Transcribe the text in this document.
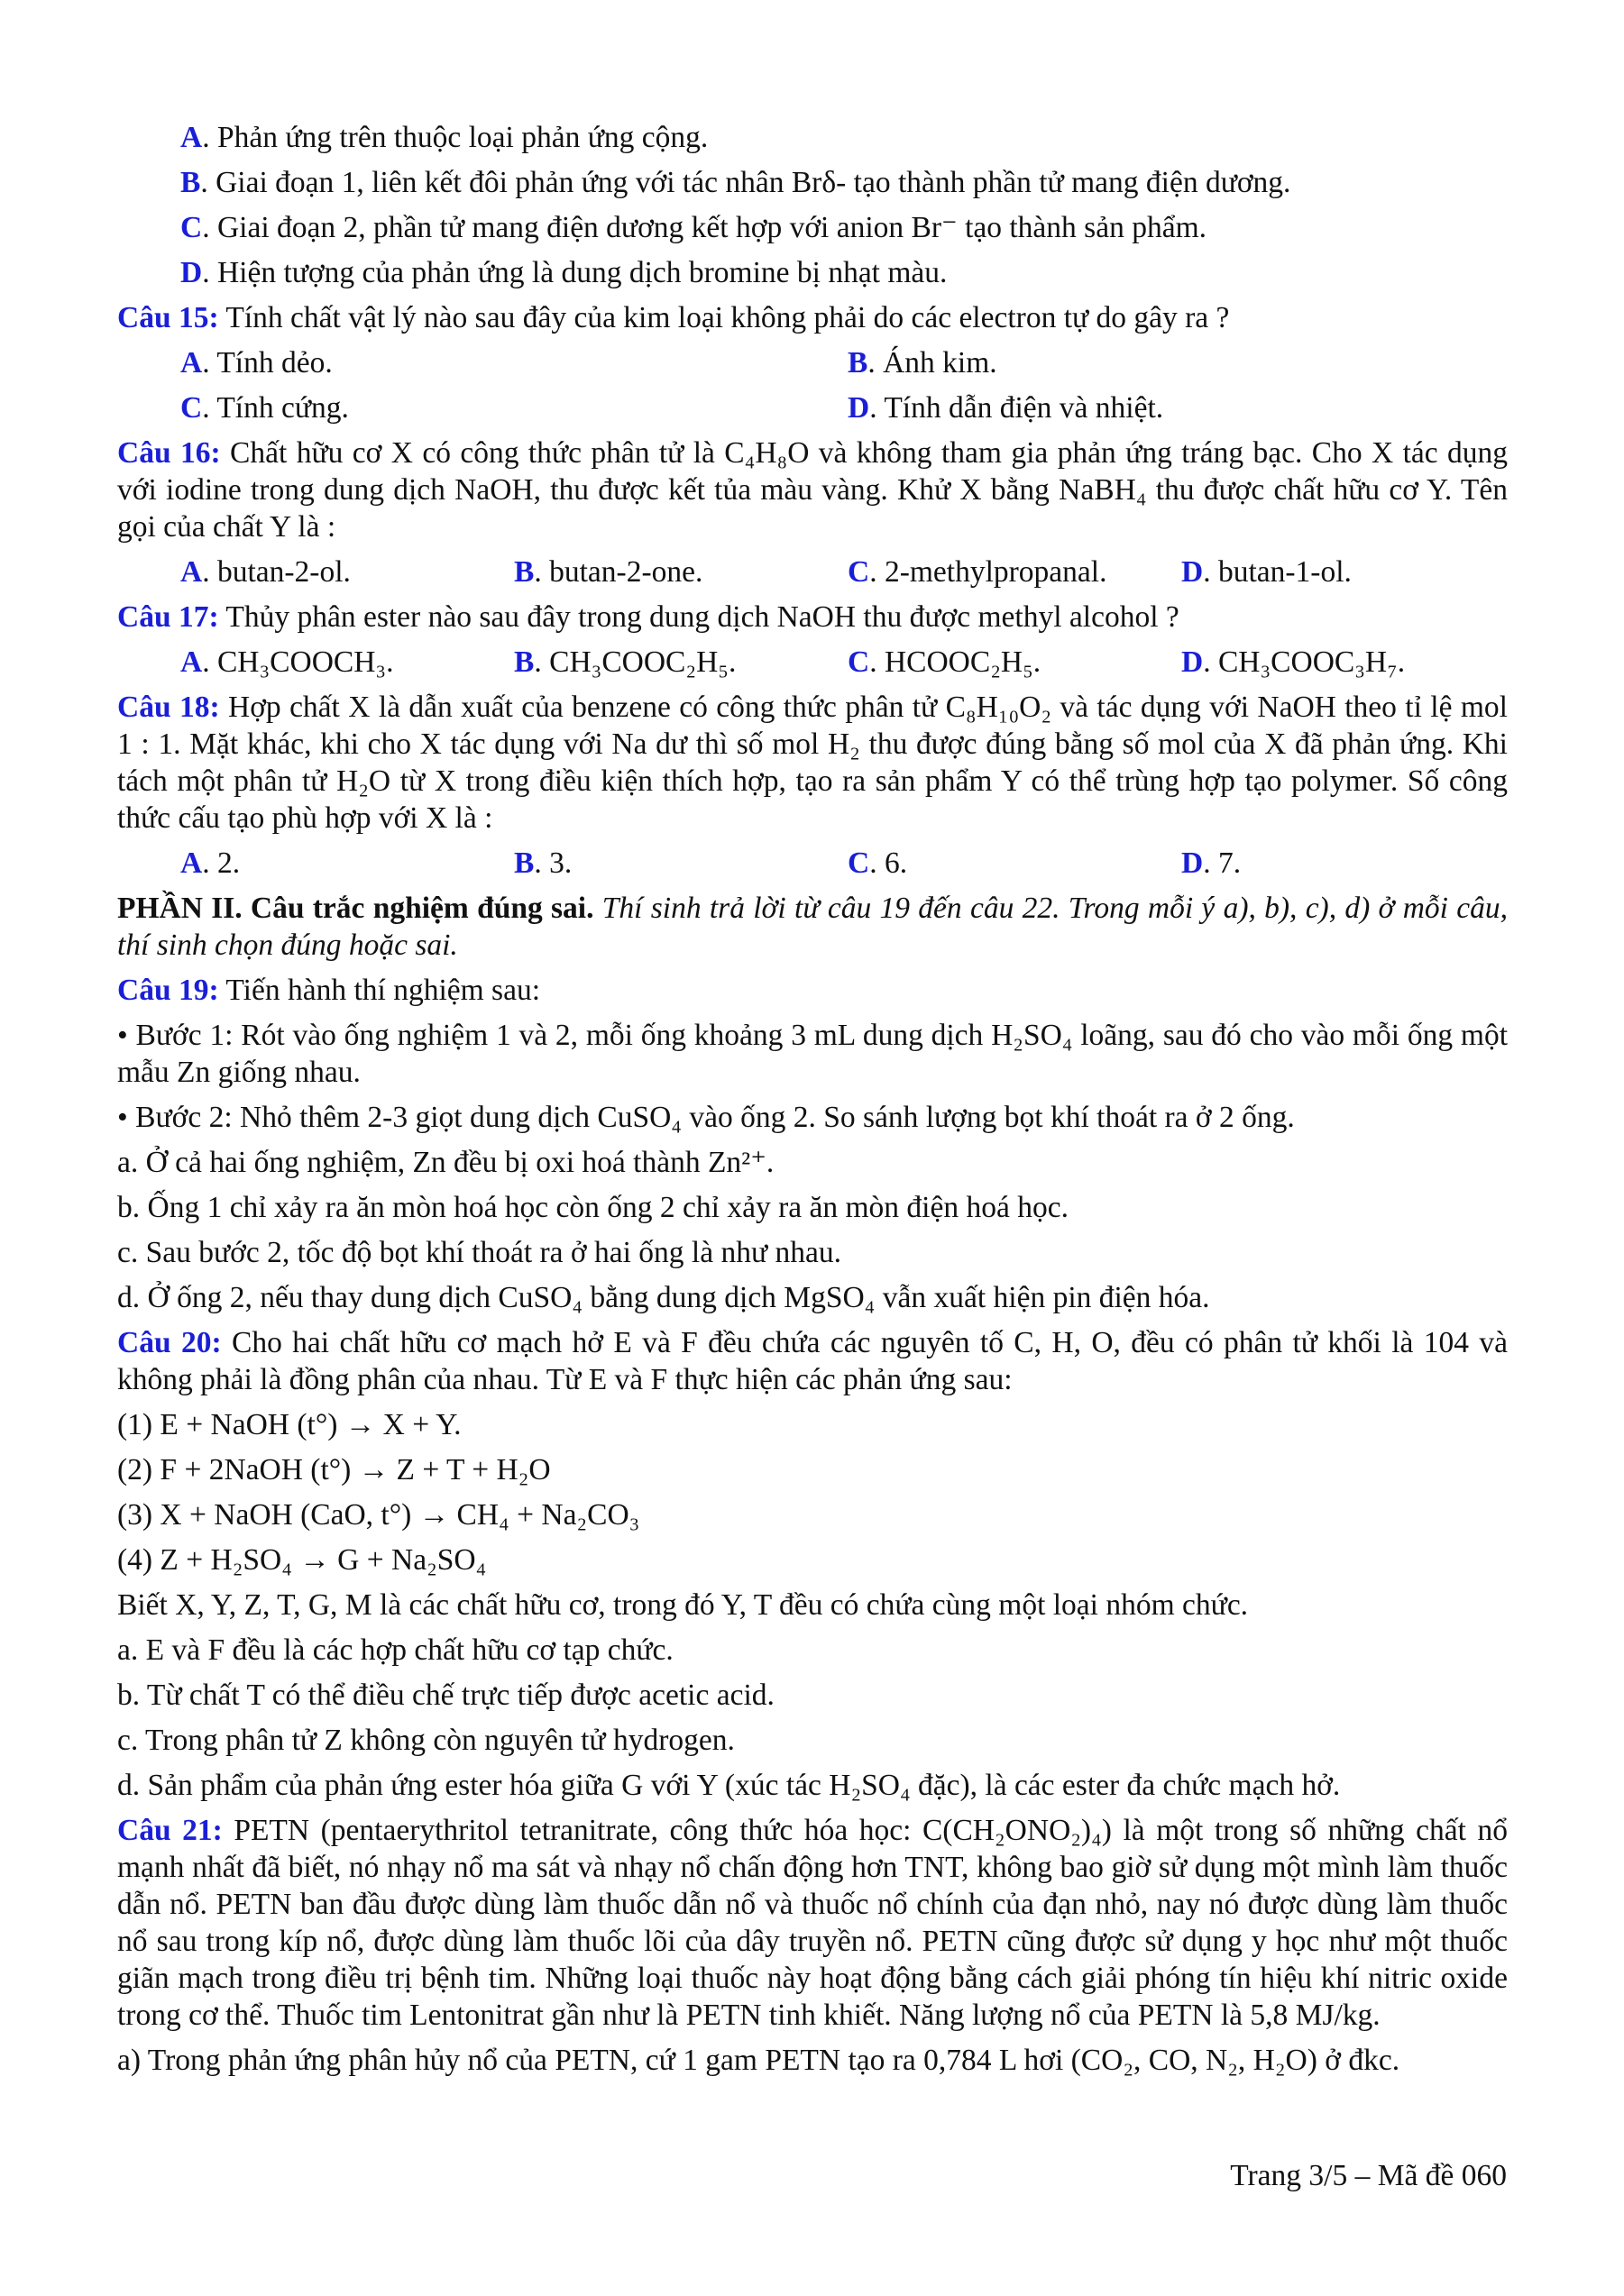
A. Phản ứng trên thuộc loại phản ứng cộng.
B. Giai đoạn 1, liên kết đôi phản ứng với tác nhân Brδ- tạo thành phần tử mang điện dương.
C. Giai đoạn 2, phần tử mang điện dương kết hợp với anion Br⁻ tạo thành sản phẩm.
D. Hiện tượng của phản ứng là dung dịch bromine bị nhạt màu.
Câu 15: Tính chất vật lý nào sau đây của kim loại không phải do các electron tự do gây ra ?
A. Tính dẻo.	B. Ánh kim.
C. Tính cứng.	D. Tính dẫn điện và nhiệt.

Câu 16: Chất hữu cơ X có công thức phân tử là C₄H₈O và không tham gia phản ứng tráng bạc. Cho X tác dụng với iodine trong dung dịch NaOH, thu được kết tủa màu vàng. Khử X bằng NaBH₄ thu được chất hữu cơ Y. Tên gọi của chất Y là :

A. butan-2-ol.	B. butan-2-one.	C. 2-methylpropanal.	D. butan-1-ol.
Câu 17: Thủy phân ester nào sau đây trong dung dịch NaOH thu được methyl alcohol ?
A. CH₃COOCH₃.	B. CH₃COOC₂H₅.	C. HCOOC₂H₅.	D. CH₃COOC₃H₇.

Câu 18: Hợp chất X là dẫn xuất của benzene có công thức phân tử C₈H₁₀O₂ và tác dụng với NaOH theo tỉ lệ mol 1 : 1. Mặt khác, khi cho X tác dụng với Na dư thì số mol H₂ thu được đúng bằng số mol của X đã phản ứng. Khi tách một phân tử H₂O từ X trong điều kiện thích hợp, tạo ra sản phẩm Y có thể trùng hợp tạo polymer. Số công thức cấu tạo phù hợp với X là :

A. 2.	B. 3.	C. 6.	D. 7.

PHẦN II. Câu trắc nghiệm đúng sai. Thí sinh trả lời từ câu 19 đến câu 22. Trong mỗi ý a), b), c), d) ở mỗi câu, thí sinh chọn đúng hoặc sai.

Câu 19: Tiến hành thí nghiệm sau:

• Bước 1: Rót vào ống nghiệm 1 và 2, mỗi ống khoảng 3 mL dung dịch H₂SO₄ loãng, sau đó cho vào mỗi ống một mẫu Zn giống nhau.

• Bước 2: Nhỏ thêm 2-3 giọt dung dịch CuSO₄ vào ống 2. So sánh lượng bọt khí thoát ra ở 2 ống.
a. Ở cả hai ống nghiệm, Zn đều bị oxi hoá thành Zn²⁺.
b. Ống 1 chỉ xảy ra ăn mòn hoá học còn ống 2 chỉ xảy ra ăn mòn điện hoá học.
c. Sau bước 2, tốc độ bọt khí thoát ra ở hai ống là như nhau.
d. Ở ống 2, nếu thay dung dịch CuSO₄ bằng dung dịch MgSO₄ vẫn xuất hiện pin điện hóa.

Câu 20: Cho hai chất hữu cơ mạch hở E và F đều chứa các nguyên tố C, H, O, đều có phân tử khối là 104 và không phải là đồng phân của nhau. Từ E và F thực hiện các phản ứng sau:

(1) E + NaOH (t°) → X + Y.
(2) F + 2NaOH (t°) → Z + T + H₂O
(3) X + NaOH (CaO, t°) → CH₄ + Na₂CO₃
(4) Z + H₂SO₄ → G + Na₂SO₄
Biết X, Y, Z, T, G, M là các chất hữu cơ, trong đó Y, T đều có chứa cùng một loại nhóm chức.
a. E và F đều là các hợp chất hữu cơ tạp chức.
b. Từ chất T có thể điều chế trực tiếp được acetic acid.
c. Trong phân tử Z không còn nguyên tử hydrogen.
d. Sản phẩm của phản ứng ester hóa giữa G với Y (xúc tác H₂SO₄ đặc), là các ester đa chức mạch hở.

Câu 21: PETN (pentaerythritol tetranitrate, công thức hóa học: C(CH₂ONO₂)₄) là một trong số những chất nổ mạnh nhất đã biết, nó nhạy nổ ma sát và nhạy nổ chấn động hơn TNT, không bao giờ sử dụng một mình làm thuốc dẫn nổ. PETN ban đầu được dùng làm thuốc dẫn nổ và thuốc nổ chính của đạn nhỏ, nay nó được dùng làm thuốc nổ sau trong kíp nổ, được dùng làm thuốc lõi của dây truyền nổ. PETN cũng được sử dụng y học như một thuốc giãn mạch trong điều trị bệnh tim. Những loại thuốc này hoạt động bằng cách giải phóng tín hiệu khí nitric oxide trong cơ thể. Thuốc tim Lentonitrat gần như là PETN tinh khiết. Năng lượng nổ của PETN là 5,8 MJ/kg.

a) Trong phản ứng phân hủy nổ của PETN, cứ 1 gam PETN tạo ra 0,784 L hơi (CO₂, CO, N₂, H₂O) ở đkc.
Trang 3/5 – Mã đề 060
